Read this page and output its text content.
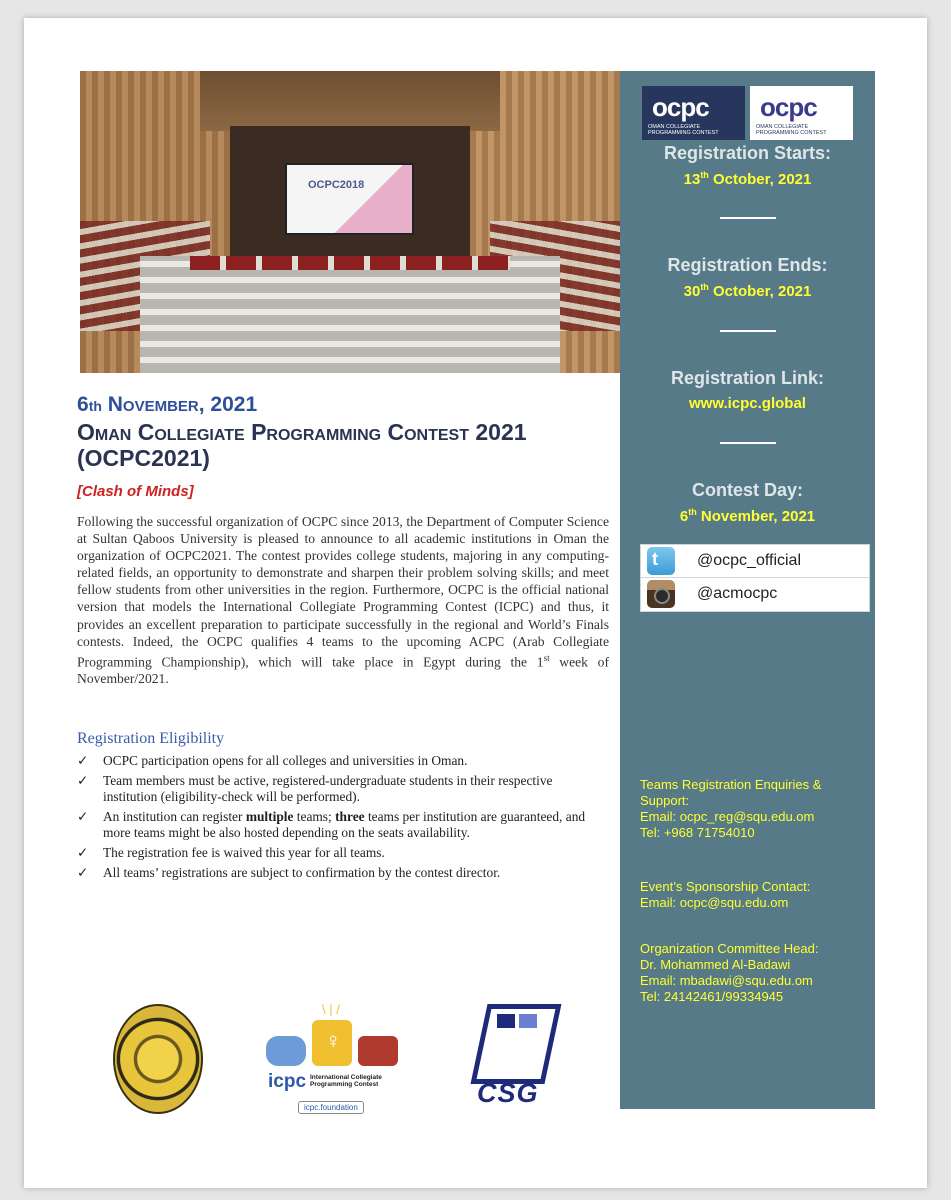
OCPC2018
ocpc
OMAN COLLEGIATE PROGRAMMING CONTEST
ocpc
OMAN COLLEGIATE PROGRAMMING CONTEST
Registration Starts:
13th October, 2021
Registration Ends:
30th October, 2021
Registration Link:
www.icpc.global
Contest Day:
6th November, 2021
t @ocpc_official
@acmocpc
Teams Registration Enquiries & Support:
Email: ocpc_reg@squ.edu.om
Tel: +968 71754010
Event’s Sponsorship Contact:
Email: ocpc@squ.edu.om
Organization Committee Head:
Dr. Mohammed Al-Badawi
Email: mbadawi@squ.edu.om
Tel: 24142461/99334945
6th November, 2021
Oman Collegiate Programming Contest 2021 (OCPC2021)
[Clash of Minds]
Following the successful organization of OCPC since 2013, the Department of Computer Science at Sultan Qaboos University is pleased to announce to all academic institutions in Oman the organization of OCPC2021. The contest provides college students, majoring in any computing-related fields, an opportunity to demonstrate and sharpen their problem solving skills; and meet fellow students from other universities in the region. Furthermore, OCPC is the official national version that models the International Collegiate Programming Contest (ICPC) and thus, it provides an excellent preparation to participate successfully in the regional and World’s Finals contests. Indeed, the OCPC qualifies 4 teams to the upcoming ACPC (Arab Collegiate Programming Championship), which will take place in Egypt during the 1st week of November/2021.
Registration Eligibility
✓ OCPC participation opens for all colleges and universities in Oman.
✓ Team members must be active, registered-undergraduate students in their respective institution (eligibility-check will be performed).
✓ An institution can register multiple teams; three teams per institution are guaranteed, and more teams might be also hosted depending on the seats availability.
✓ The registration fee is waived this year for all teams.
✓ All teams’ registrations are subject to confirmation by the contest director.
\ | /
♀
icpc International Collegiate Programming Contest
icpc.foundation	CSG
